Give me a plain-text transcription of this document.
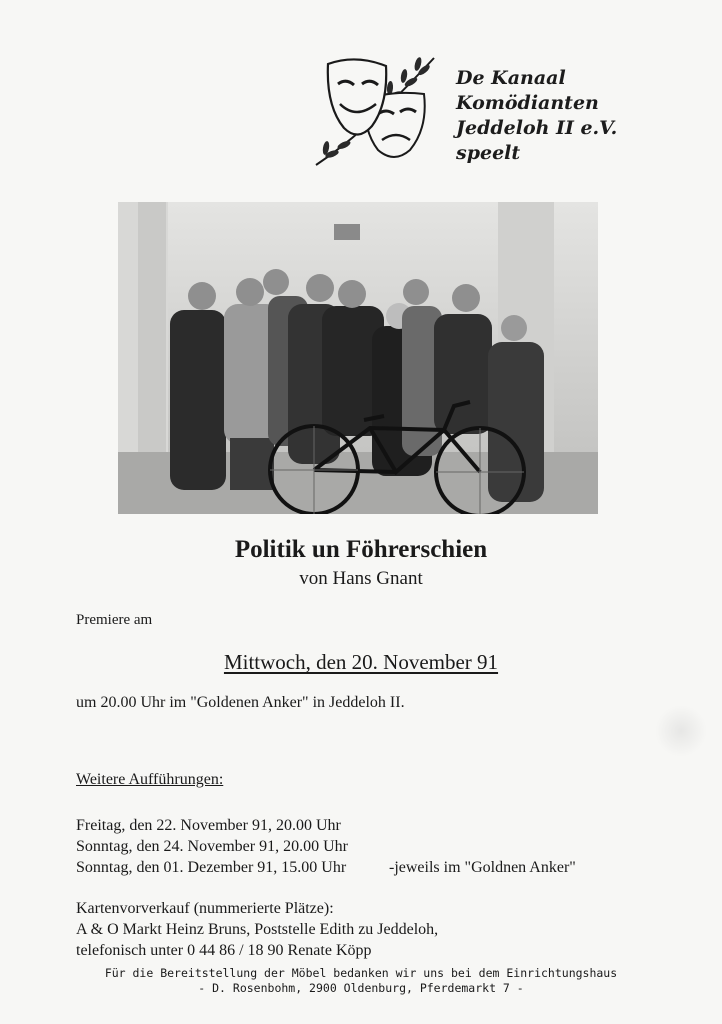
De Kanaal
Komödianten
Jeddeloh II e.V.
speelt
Politik un Föhrerschien
von Hans Gnant
Premiere am
Mittwoch, den 20. November 91
um 20.00 Uhr im "Goldenen Anker" in Jeddeloh II.
Weitere Aufführungen:
Freitag, den 22. November 91, 20.00 Uhr
Sonntag, den 24. November 91, 20.00 Uhr
Sonntag, den 01. Dezember 91, 15.00 Uhr	-jeweils im "Goldnen Anker"
Kartenvorverkauf (nummerierte Plätze):
A & O Markt Heinz Bruns, Poststelle Edith zu Jeddeloh,
telefonisch unter 0 44 86 / 18 90 Renate Köpp
Für die Bereitstellung der Möbel bedanken wir uns bei dem Einrichtungshaus
- D. Rosenbohm, 2900 Oldenburg, Pferdemarkt 7 -
